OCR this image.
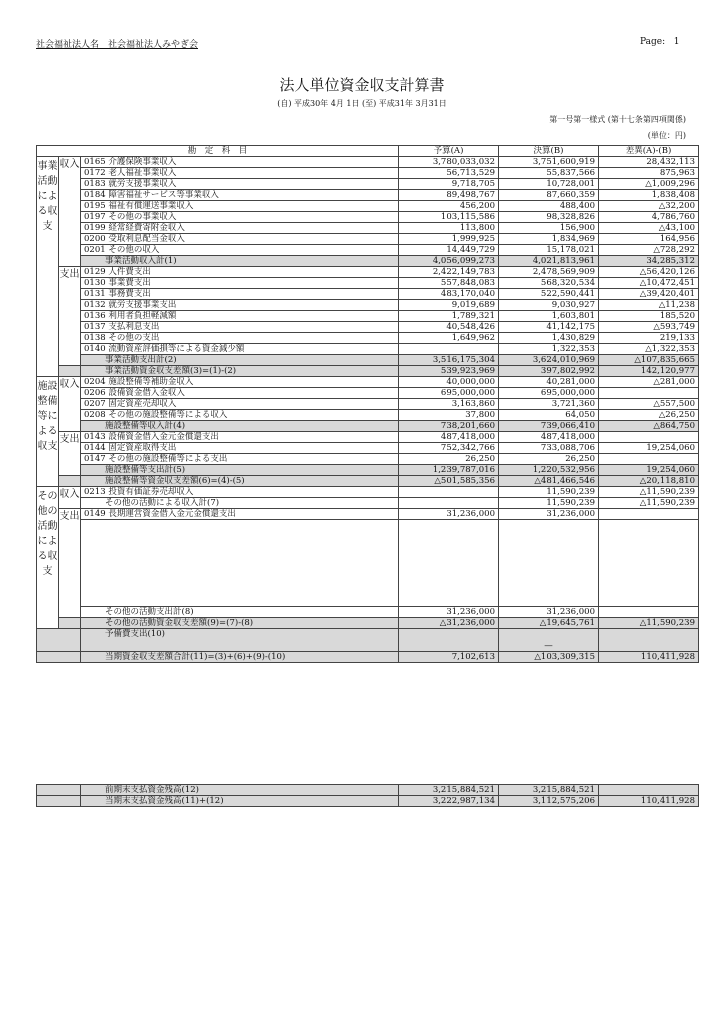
社会福祉法人名　社会福祉法人みやぎ会	Page: 1
法人単位資金収支計算書
(自) 平成30年 4月 1日 (至) 平成31年 3月31日
第一号第一様式 (第十七条第四項関係)
(単位：円)
勘　定　科　目			予算(A)	決算(B)	差異(A)-(B)
事業活動による収支	収入	0165 介護保険事業収入	3,780,033,032	3,751,600,919	28,432,113
		0172 老人福祉事業収入	56,713,529	55,837,566	875,963
		0183 就労支援事業収入	9,718,705	10,728,001	△1,009,296
		0184 障害福祉サービス等事業収入	89,498,767	87,660,359	1,838,408
		0195 福祉有償運送事業収入	456,200	488,400	△32,200
		0197 その他の事業収入	103,115,586	98,328,826	4,786,760
		0199 経常経費寄附金収入	113,800	156,900	△43,100
		0200 受取利息配当金収入	1,999,925	1,834,969	164,956
		0201 その他の収入	14,449,729	15,178,021	△728,292
		事業活動収入計(1)	4,056,099,273	4,021,813,961	34,285,312
	支出	0129 人件費支出	2,422,149,783	2,478,569,909	△56,420,126
		0130 事業費支出	557,848,083	568,320,534	△10,472,451
		0131 事務費支出	483,170,040	522,590,441	△39,420,401
		0132 就労支援事業支出	9,019,689	9,030,927	△11,238
		0136 利用者負担軽減額	1,789,321	1,603,801	185,520
		0137 支払利息支出	40,548,426	41,142,175	△593,749
		0138 その他の支出	1,649,962	1,430,829	219,133
		0140 流動資産評価損等による資金減少額		1,322,353	△1,322,353
		事業活動支出計(2)	3,516,175,304	3,624,010,969	△107,835,665
		事業活動資金収支差額(3)=(1)-(2)	539,923,969	397,802,992	142,120,977
施設整備等による収支	収入	0204 施設整備等補助金収入	40,000,000	40,281,000	△281,000
		0206 設備資金借入金収入	695,000,000	695,000,000	
		0207 固定資産売却収入	3,163,860	3,721,360	△557,500
		0208 その他の施設整備等による収入	37,800	64,050	△26,250
		施設整備等収入計(4)	738,201,660	739,066,410	△864,750
	支出	0143 設備資金借入金元金償還支出	487,418,000	487,418,000	
		0144 固定資産取得支出	752,342,766	733,088,706	19,254,060
		0147 その他の施設整備等による支出	26,250	26,250	
		施設整備等支出計(5)	1,239,787,016	1,220,532,956	19,254,060
		施設整備等資金収支差額(6)=(4)-(5)	△501,585,356	△481,466,546	△20,118,810
その他の活動による収支	収入	0213 投資有価証券売却収入		11,590,239	△11,590,239
		その他の活動による収入計(7)		11,590,239	△11,590,239
	支出	0149 長期運営資金借入金元金償還支出	31,236,000	31,236,000	

		その他の活動支出計(8)	31,236,000	31,236,000	
		その他の活動資金収支差額(9)=(7)-(8)	△31,236,000	△19,645,761	△11,590,239
		予備費支出(10)		—	
		当期資金収支差額合計(11)=(3)+(6)+(9)-(10)	7,102,613	△103,309,315	110,411,928
	前期末支払資金残高(12)	3,215,884,521	3,215,884,521	
	当期末支払資金残高(11)+(12)	3,222,987,134	3,112,575,206	110,411,928
